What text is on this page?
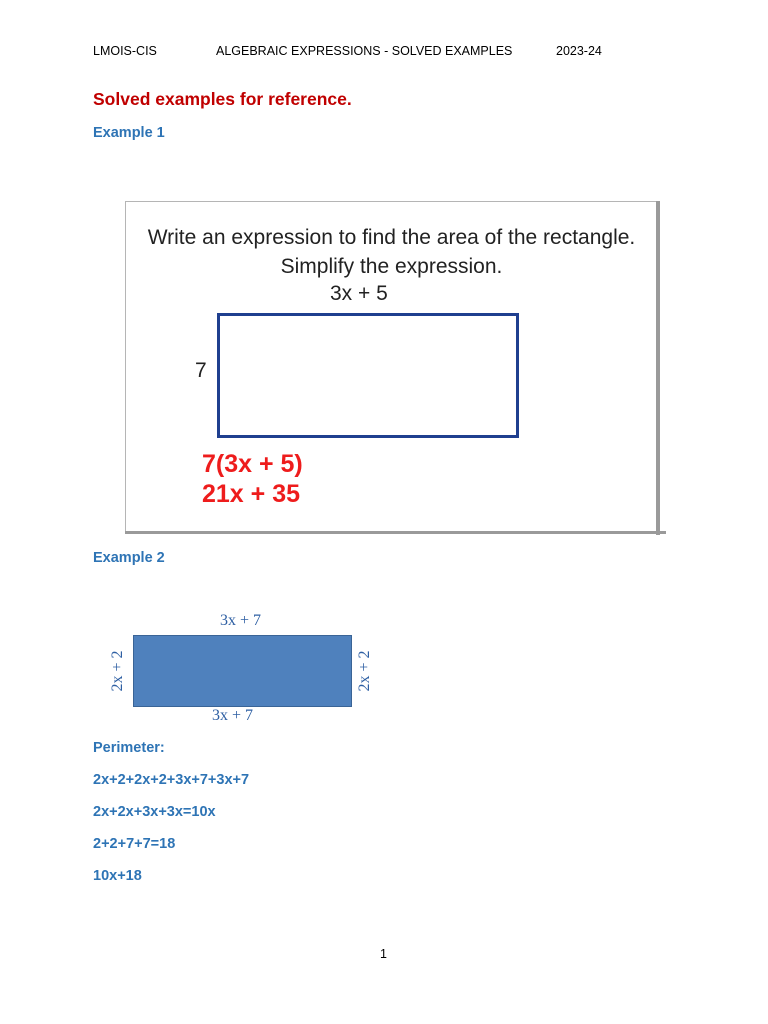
LMOIS-CIS	ALGEBRAIC EXPRESSIONS - SOLVED EXAMPLES	2023-24
Solved examples for reference.
Example 1
Write an expression to find the area of the rectangle.
Simplify the expression.
3x + 5
7
7(3x + 5)
21x + 35
Example 2
3x + 7
3x + 7
2x + 2	2x + 2
Perimeter:
2x+2+2x+2+3x+7+3x+7
2x+2x+3x+3x=10x
2+2+7+7=18
10x+18
1
